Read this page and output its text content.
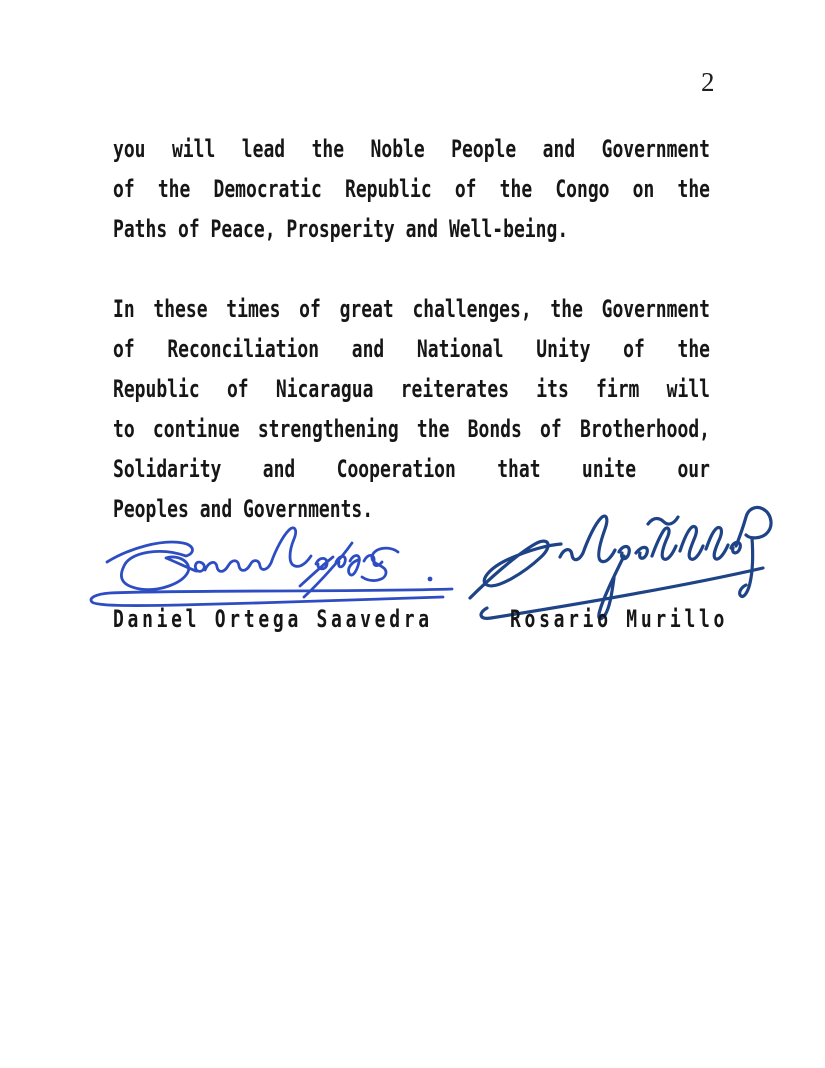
2
you will lead the Noble People and Government
of the Democratic Republic of the Congo on the
Paths of Peace, Prosperity and Well-being.
In these times of great challenges, the Government
of Reconciliation and National Unity of the
Republic of Nicaragua reiterates its firm will
to continue strengthening the Bonds of Brotherhood,
Solidarity and Cooperation that unite our
Peoples and Governments.
Daniel Ortega Saavedra	Rosario Murillo
